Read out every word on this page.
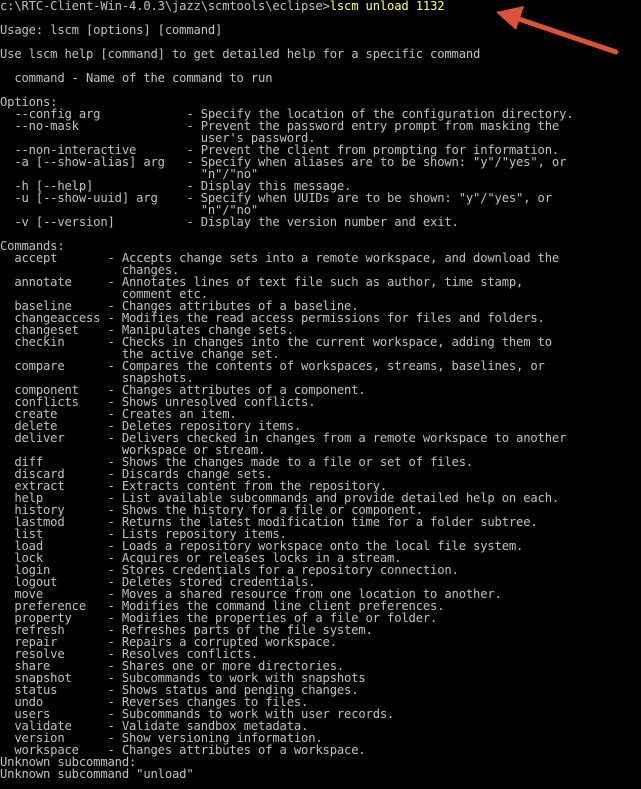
c:\RTC-Client-Win-4.0.3\jazz\scmtools\eclipse>lscm unload 1132
Usage: lscm [options] [command]
Use lscm help [command] to get detailed help for a specific command
command - Name of the command to run
Options:
--config arg            - Specify the location of the configuration directory.
--no-mask               - Prevent the password entry prompt from masking the
user's password.
--non-interactive       - Prevent the client from prompting for information.
-a [--show-alias] arg   - Specify when aliases are to be shown: "y"/"yes", or
"n"/"no"
-h [--help]             - Display this message.
-u [--show-uuid] arg    - Specify when UUIDs are to be shown: "y"/"yes", or
"n"/"no"
-v [--version]          - Display the version number and exit.
Commands:
accept       - Accepts change sets into a remote workspace, and download the
changes.
annotate     - Annotates lines of text file such as author, time stamp,
comment etc.
baseline     - Changes attributes of a baseline.
changeaccess - Modifies the read access permissions for files and folders.
changeset    - Manipulates change sets.
checkin      - Checks in changes into the current workspace, adding them to
the active change set.
compare      - Compares the contents of workspaces, streams, baselines, or
snapshots.
component    - Changes attributes of a component.
conflicts    - Shows unresolved conflicts.
create       - Creates an item.
delete       - Deletes repository items.
deliver      - Delivers checked in changes from a remote workspace to another
workspace or stream.
diff         - Shows the changes made to a file or set of files.
discard      - Discards change sets.
extract      - Extracts content from the repository.
help         - List available subcommands and provide detailed help on each.
history      - Shows the history for a file or component.
lastmod      - Returns the latest modification time for a folder subtree.
list         - Lists repository items.
load         - Loads a repository workspace onto the local file system.
lock         - Acquires or releases locks in a stream.
login        - Stores credentials for a repository connection.
logout       - Deletes stored credentials.
move         - Moves a shared resource from one location to another.
preference   - Modifies the command line client preferences.
property     - Modifies the properties of a file or folder.
refresh      - Refreshes parts of the file system.
repair       - Repairs a corrupted workspace.
resolve      - Resolves conflicts.
share        - Shares one or more directories.
snapshot     - Subcommands to work with snapshots
status       - Shows status and pending changes.
undo         - Reverses changes to files.
users        - Subcommands to work with user records.
validate     - Validate sandbox metadata.
version      - Show versioning information.
workspace    - Changes attributes of a workspace.
Unknown subcommand:
Unknown subcommand "unload"
